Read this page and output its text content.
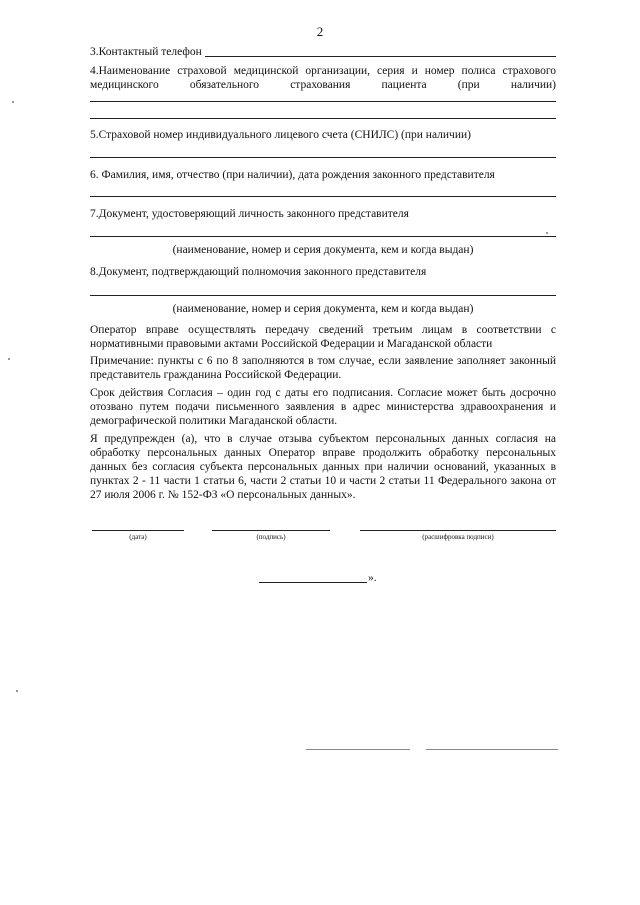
2
3.Контактный телефон
4.Наименование страховой медицинской организации, серия и номер полиса страхового медицинского обязательного страхования пациента (при наличии)
5.Страховой номер индивидуального лицевого счета (СНИЛС) (при наличии)
6. Фамилия, имя, отчество (при наличии), дата рождения законного представителя
7.Документ, удостоверяющий личность законного представителя
(наименование, номер и серия документа, кем и когда выдан)
8.Документ, подтверждающий полномочия законного представителя
(наименование, номер и серия документа, кем и когда выдан)
Оператор вправе осуществлять передачу сведений третьим лицам в соответствии с нормативными правовыми актами Российской Федерации и Магаданской области
Примечание: пункты с 6 по 8 заполняются в том случае, если заявление заполняет законный представитель гражданина Российской Федерации.
Срок действия Согласия – один год с даты его подписания. Согласие может быть досрочно отозвано путем подачи письменного заявления в адрес министерства здравоохранения и демографической политики Магаданской области.
Я предупрежден (а), что в случае отзыва субъектом персональных данных согласия на обработку персональных данных Оператор вправе продолжить обработку персональных данных без согласия субъекта персональных данных при наличии оснований, указанных в пунктах 2 - 11 части 1 статьи 6, части 2 статьи 10 и части 2 статьи 11 Федерального закона от 27 июля 2006 г. № 152-ФЗ «О персональных данных».
(дата)	(подпись)	(расшифровка подписи)
».
